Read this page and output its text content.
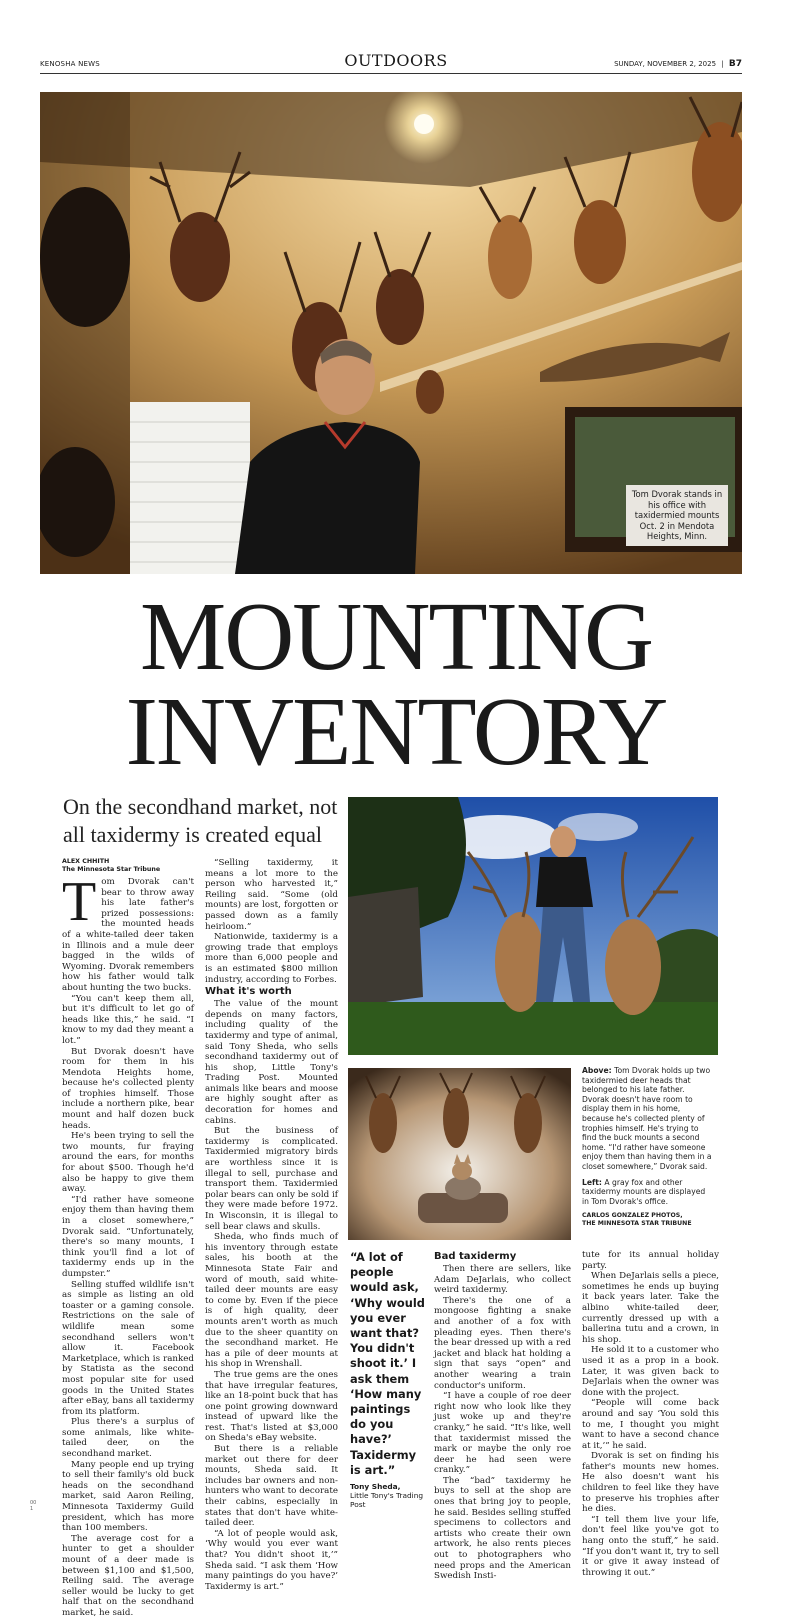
KENOSHA NEWS	OUTDOORS	SUNDAY, NOVEMBER 2, 2025 | B7
Tom Dvorak stands in his office with taxidermied mounts Oct. 2 in Mendota Heights, Minn.
MOUNTING
INVENTORY
On the secondhand market, not all taxidermy is created equal

ALEX CHHITH
The Minnesota Star Tribune

Tom Dvorak can't bear to throw away his late father's prized possessions: the mounted heads of a white-tailed deer taken in Illinois and a mule deer bagged in the wilds of Wyoming. Dvorak remembers how his father would talk about hunting the two bucks.

“You can't keep them all, but it's difficult to let go of heads like this,” he said. “I know to my dad they meant a lot.”

But Dvorak doesn't have room for them in his Mendota Heights home, because he's collected plenty of trophies himself. Those include a northern pike, bear mount and half dozen buck heads.

He's been trying to sell the two mounts, fur fraying around the ears, for months for about $500. Though he'd also be happy to give them away.

“I'd rather have someone enjoy them than having them in a closet somewhere,” Dvorak said. “Unfortunately, there's so many mounts, I think you'll find a lot of taxidermy ends up in the dumpster.”

Selling stuffed wildlife isn't as simple as listing an old toaster or a gaming console. Restrictions on the sale of wildlife mean some secondhand sellers won't allow it. Facebook Marketplace, which is ranked by Statista as the second most popular site for used goods in the United States after eBay, bans all taxidermy from its platform.

Plus there's a surplus of some animals, like white-tailed deer, on the secondhand market.

Many people end up trying to sell their family's old buck heads on the secondhand market, said Aaron Reiling, Minnesota Taxidermy Guild president, which has more than 100 members.

The average cost for a hunter to get a shoulder mount of a deer made is between $1,100 and $1,500, Reiling said. The average seller would be lucky to get half that on the secondhand market, he said.

“Selling taxidermy, it means a lot more to the person who harvested it,” Reiling said. “Some (old mounts) are lost, forgotten or passed down as a family heirloom.”

Nationwide, taxidermy is a growing trade that employs more than 6,000 people and is an estimated $800 million industry, according to Forbes.

What it's worth

The value of the mount depends on many factors, including quality of the taxidermy and type of animal, said Tony Sheda, who sells secondhand taxidermy out of his shop, Little Tony's Trading Post. Mounted animals like bears and moose are highly sought after as decoration for homes and cabins.

But the business of taxidermy is complicated. Taxidermied migratory birds are worthless since it is illegal to sell, purchase and transport them. Taxidermied polar bears can only be sold if they were made before 1972. In Wisconsin, it is illegal to sell bear claws and skulls.

Sheda, who finds much of his inventory through estate sales, his booth at the Minnesota State Fair and word of mouth, said white-tailed deer mounts are easy to come by. Even if the piece is of high quality, deer mounts aren't worth as much due to the sheer quantity on the secondhand market. He has a pile of deer mounts at his shop in Wrenshall.

The true gems are the ones that have irregular features, like an 18-point buck that has one point growing downward instead of upward like the rest. That's listed at $3,000 on Sheda's eBay website.

But there is a reliable market out there for deer mounts, Sheda said. It includes bar owners and non-hunters who want to decorate their cabins, especially in states that don't have white-tailed deer.

“A lot of people would ask, ‘Why would you ever want that? You didn't shoot it,’” Sheda said. “I ask them ‘How many paintings do you have?’ Taxidermy is art.”

Above: Tom Dvorak holds up two taxidermied deer heads that belonged to his late father. Dvorak doesn't have room to display them in his home, because he's collected plenty of trophies himself. He's trying to find the buck mounts a second home. “I'd rather have someone enjoy them than having them in a closet somewhere,” Dvorak said.

Left: A gray fox and other taxidermy mounts are displayed in Tom Dvorak's office.

CARLOS GONZALEZ PHOTOS,
THE MINNESOTA STAR TRIBUNE
“A lot of people would ask, ‘Why would you ever want that? You didn't shoot it.’ I ask them ‘How many paintings do you have?’ Taxidermy is art.”
Tony Sheda,
Little Tony's Trading Post

Bad taxidermy

Then there are sellers, like Adam DeJarlais, who collect weird taxidermy.

There's the one of a mongoose fighting a snake and another of a fox with pleading eyes. Then there's the bear dressed up with a red jacket and black hat holding a sign that says “open” and another wearing a train conductor's uniform.

“I have a couple of roe deer right now who look like they just woke up and they're cranky,” he said. “It's like, well that taxidermist missed the mark or maybe the only roe deer he had seen were cranky.”

The “bad” taxidermy he buys to sell at the shop are ones that bring joy to people, he said. Besides selling stuffed specimens to collectors and artists who create their own artwork, he also rents pieces out to photographers who need props and the American Swedish Insti-

tute for its annual holiday party.

When DeJarlais sells a piece, sometimes he ends up buying it back years later. Take the albino white-tailed deer, currently dressed up with a ballerina tutu and a crown, in his shop.

He sold it to a customer who used it as a prop in a book. Later, it was given back to DeJarlais when the owner was done with the project.

“People will come back around and say ‘You sold this to me, I thought you might want to have a second chance at it,’” he said.

Dvorak is set on finding his father's mounts new homes. He also doesn't want his children to feel like they have to preserve his trophies after he dies.

“I tell them live your life, don't feel like you've got to hang onto the stuff,” he said. “If you don't want it, try to sell it or give it away instead of throwing it out.”

00
1
